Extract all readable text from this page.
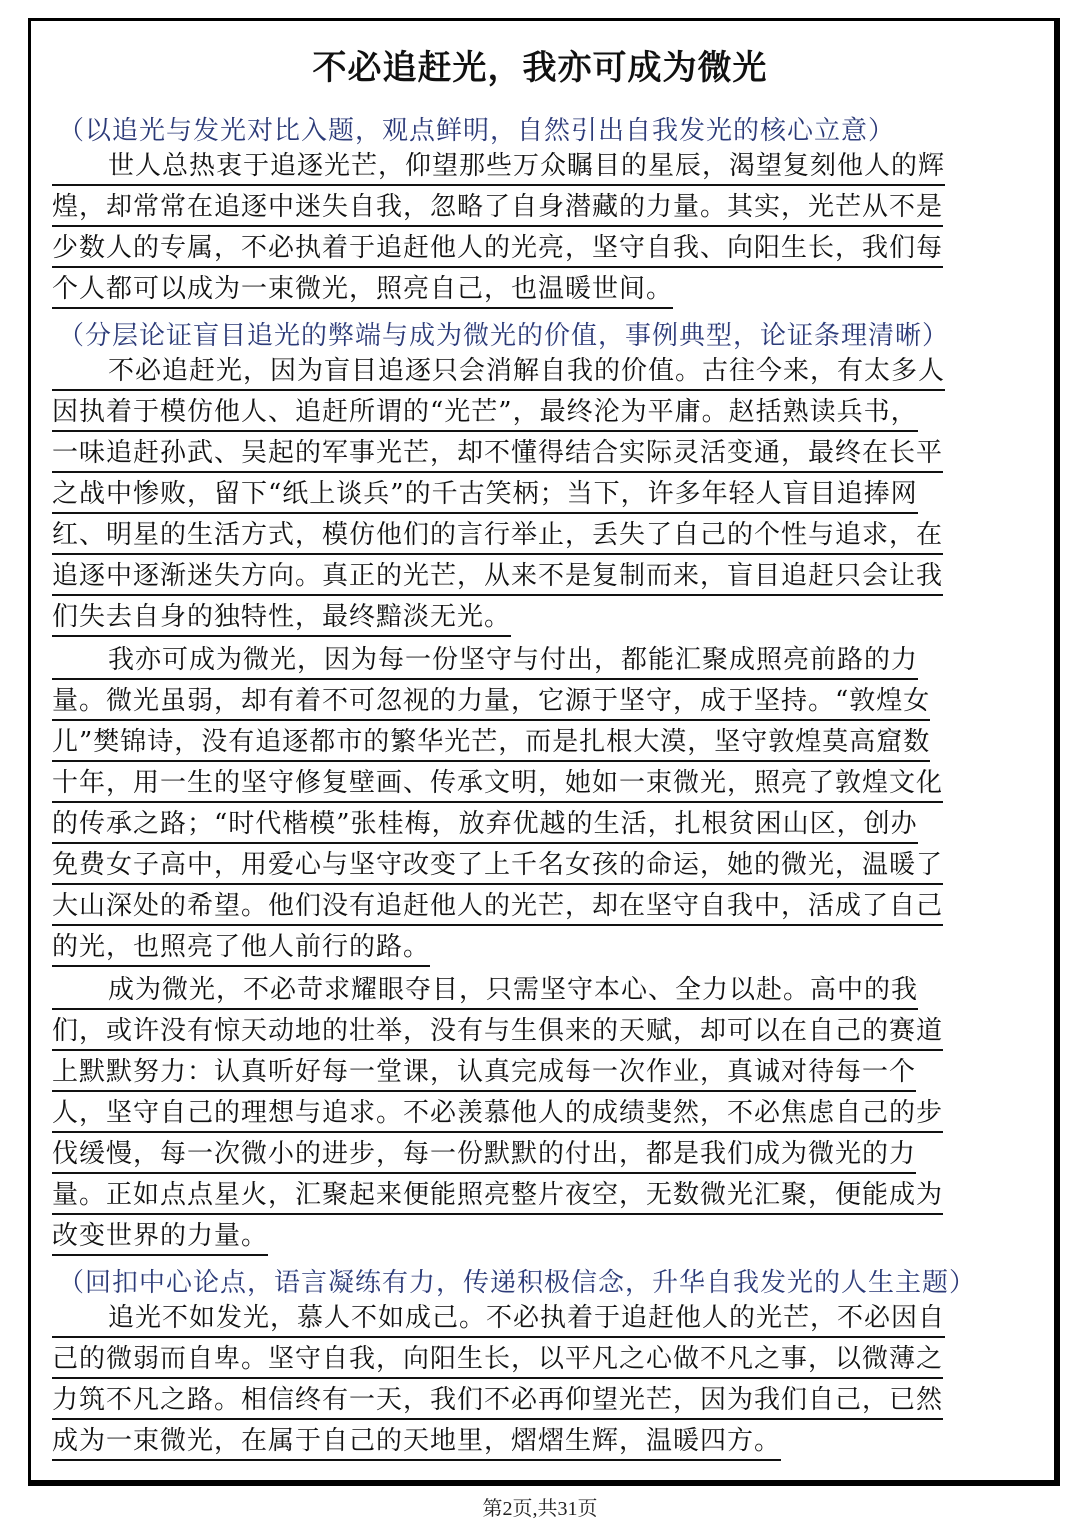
不必追赶光，我亦可成为微光

（以追光与发光对比入题，观点鲜明，自然引出自我发光的核心立意）

世人总热衷于追逐光芒，仰望那些万众瞩目的星辰，渴望复刻他人的辉

煌，却常常在追逐中迷失自我，忽略了自身潜藏的力量。其实，光芒从不是

少数人的专属，不必执着于追赶他人的光亮，坚守自我、向阳生长，我们每

个人都可以成为一束微光，照亮自己，也温暖世间。

（分层论证盲目追光的弊端与成为微光的价值，事例典型，论证条理清晰）

不必追赶光，因为盲目追逐只会消解自我的价值。古往今来，有太多人

因执着于模仿他人、追赶所谓的“光芒”，最终沦为平庸。赵括熟读兵书，

一味追赶孙武、吴起的军事光芒，却不懂得结合实际灵活变通，最终在长平

之战中惨败，留下“纸上谈兵”的千古笑柄；当下，许多年轻人盲目追捧网

红、明星的生活方式，模仿他们的言行举止，丢失了自己的个性与追求，在

追逐中逐渐迷失方向。真正的光芒，从来不是复制而来，盲目追赶只会让我

们失去自身的独特性，最终黯淡无光。

我亦可成为微光，因为每一份坚守与付出，都能汇聚成照亮前路的力

量。微光虽弱，却有着不可忽视的力量，它源于坚守，成于坚持。“敦煌女

儿”樊锦诗，没有追逐都市的繁华光芒，而是扎根大漠，坚守敦煌莫高窟数

十年，用一生的坚守修复壁画、传承文明，她如一束微光，照亮了敦煌文化

的传承之路；“时代楷模”张桂梅，放弃优越的生活，扎根贫困山区，创办

免费女子高中，用爱心与坚守改变了上千名女孩的命运，她的微光，温暖了

大山深处的希望。他们没有追赶他人的光芒，却在坚守自我中，活成了自己

的光，也照亮了他人前行的路。

成为微光，不必苛求耀眼夺目，只需坚守本心、全力以赴。高中的我

们，或许没有惊天动地的壮举，没有与生俱来的天赋，却可以在自己的赛道

上默默努力：认真听好每一堂课，认真完成每一次作业，真诚对待每一个

人，坚守自己的理想与追求。不必羡慕他人的成绩斐然，不必焦虑自己的步

伐缓慢，每一次微小的进步，每一份默默的付出，都是我们成为微光的力

量。正如点点星火，汇聚起来便能照亮整片夜空，无数微光汇聚，便能成为

改变世界的力量。

（回扣中心论点，语言凝练有力，传递积极信念，升华自我发光的人生主题）

追光不如发光，慕人不如成己。不必执着于追赶他人的光芒，不必因自

己的微弱而自卑。坚守自我，向阳生长，以平凡之心做不凡之事，以微薄之

力筑不凡之路。相信终有一天，我们不必再仰望光芒，因为我们自己，已然

成为一束微光，在属于自己的天地里，熠熠生辉，温暖四方。

第2页,共31页
